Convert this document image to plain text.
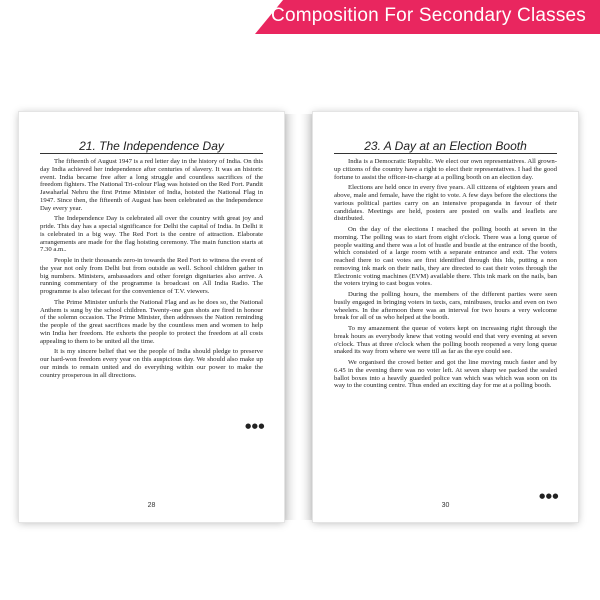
Composition For Secondary Classes
21. The Independence Day

The fifteenth of August 1947 is a red letter day in the history of India. On this day India achieved her independence after centuries of slavery. It was an historic event. India became free after a long struggle and countless sacrifices of the freedom fighters. The National Tri-colour Flag was hoisted on the Red Fort. Pandit Jawaharlal Nehru the first Prime Minister of India, hoisted the National Flag in 1947. Since then, the fifteenth of August has been celebrated as the Independence Day every year.

The Independence Day is celebrated all over the country with great joy and pride. This day has a special significance for Delhi the capital of India. In Delhi it is celebrated in a big way. The Red Fort is the centre of attraction. Elaborate arrangements are made for the flag hoisting ceremony. The main function starts at 7.30 a.m..

People in their thousands zero-in towards the Red Fort to witness the event of the year not only from Delhi but from outside as well. School children gather in big numbers. Ministers, ambassadors and other foreign dignitaries also arrive. A running commentary of the programme is broadcast on All India Radio. The programme is also telecast for the convenience of T.V. viewers.

The Prime Minister unfurls the National Flag and as he does so, the National Anthem is sung by the school children. Twenty-one gun shots are fired in honour of the solemn occasion. The Prime Minister, then addresses the Nation reminding the people of the great sacrifices made by the countless men and women to help win India her freedom. He exhorts the people to protect the freedom at all costs appealing to them to be united all the time.

It is my sincere belief that we the people of India should pledge to preserve our hard-won freedom every year on this auspicious day. We should also make up our minds to remain united and do everything within our power to make the country prosperous in all directions.

●●●
28
23. A Day at an Election Booth

India is a Democratic Republic. We elect our own representatives. All grown-up citizens of the country have a right to elect their representatives. I had the good fortune to assist the officer-in-charge at a polling booth on an election day.

Elections are held once in every five years. All citizens of eighteen years and above, male and female, have the right to vote. A few days before the elections the various political parties carry on an intensive propaganda in favour of their candidates. Meetings are held, posters are posted on walls and leaflets are distributed.

On the day of the elections I reached the polling booth at seven in the morning. The polling was to start from eight o'clock. There was a long queue of people waiting and there was a lot of hustle and bustle at the entrance of the booth, which consisted of a large room with a separate entrance and exit. The voters reached there to cast votes are first identified through this Ids, putting a non removing ink mark on their nails, they are directed to cast their votes through the Electronic voting machines (EVM) available there. This ink mark on the nails, ban the voters trying to cast bogus votes.

During the polling hours, the members of the different parties were seen busily engaged in bringing voters in taxis, cars, minibuses, trucks and even on two wheelers. In the afternoon there was an interval for two hours a very welcome break for all of us who helped at the booth.

To my amazement the queue of voters kept on increasing right through the break hours as everybody knew that voting would end that very evening at seven o'clock. Thus at three o'clock when the polling booth reopened a very long queue snaked its way from where we were till as far as the eye could see.

We organised the crowd better and got the line moving much faster and by 6.45 in the evening there was no voter left. At seven sharp we packed the sealed ballot boxes into a heavily guarded police van which was which was soon on its way to the counting centre. Thus ended an exciting day for me at a polling booth.

●●●
30
